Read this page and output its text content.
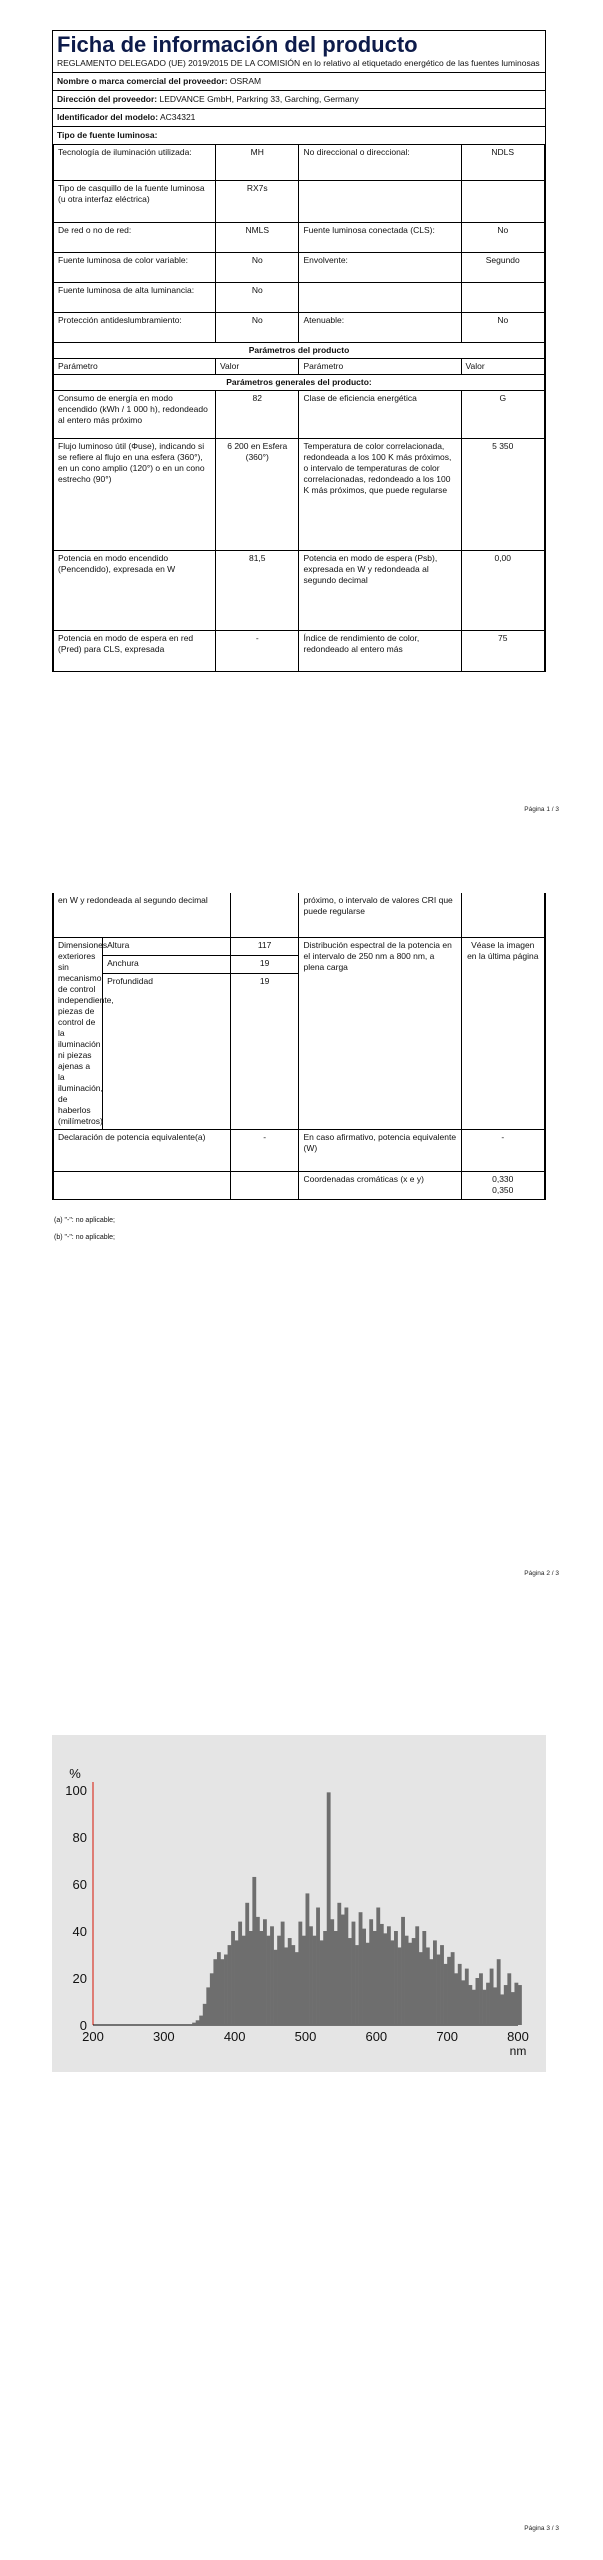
Ficha de información del producto
REGLAMENTO DELEGADO (UE) 2019/2015 DE LA COMISIÓN en lo relativo al etiquetado energético de las fuentes luminosas
Nombre o marca comercial del proveedor: OSRAM
Dirección del proveedor: LEDVANCE GmbH, Parkring 33, Garching, Germany
Identificador del modelo: AC34321
Tipo de fuente luminosa:
Tecnología de iluminación utilizada:	MH	No direccional o direccional:	NDLS
Tipo de casquillo de la fuente luminosa
(u otra interfaz eléctrica)	RX7s		
De red o no de red:	NMLS	Fuente luminosa conectada (CLS):	No
Fuente luminosa de color variable:	No	Envolvente:	Segundo
Fuente luminosa de alta luminancia:	No		
Protección antideslumbramiento:	No	Atenuable:	No
Parámetros del producto			
Parámetro	Valor	Parámetro	Valor
Parámetros generales del producto:			
Consumo de energía en modo encendido (kWh / 1 000 h), redondeado al entero más próximo	82	Clase de eficiencia energética	G
Flujo luminoso útil (Φuse), indicando si se refiere al flujo en una esfera (360°), en un cono amplio (120°) o en un cono estrecho (90°)	6 200 en Esfera (360°)	Temperatura de color correlacionada, redondeada a los 100 K más próximos, o intervalo de temperaturas de color correlacionadas, redondeado a los 100 K más próximos, que puede regularse	5 350
Potencia en modo encendido (Pencendido), expresada en W	81,5	Potencia en modo de espera (Psb), expresada en W y redondeada al segundo decimal	0,00
Potencia en modo de espera en red (Pred) para CLS, expresada	-	Índice de rendimiento de color, redondeado al entero más	75
Página 1 / 3
en W y redondeada al segundo decimal			próximo, o intervalo de valores CRI que puede regularse	
Dimensiones exteriores sin mecanismo de control independiente, piezas de control de la iluminación ni piezas ajenas a la iluminación, de haberlos (milímetros)	Altura	117	Distribución espectral de la potencia en el intervalo de 250 nm a 800 nm, a plena carga	Véase la imagen en la última página
	Anchura	19		
	Profundidad	19		
Declaración de potencia equivalente(a)		-	En caso afirmativo, potencia equivalente (W)	-
			Coordenadas cromáticas (x e y)	0,330
0,350
(a) "-": no aplicable;
(b) "-": no aplicable;
Página 2 / 3
0
20
40
60
80
100
200	300	400	500	600	700	800
%
nm
Página 3 / 3
